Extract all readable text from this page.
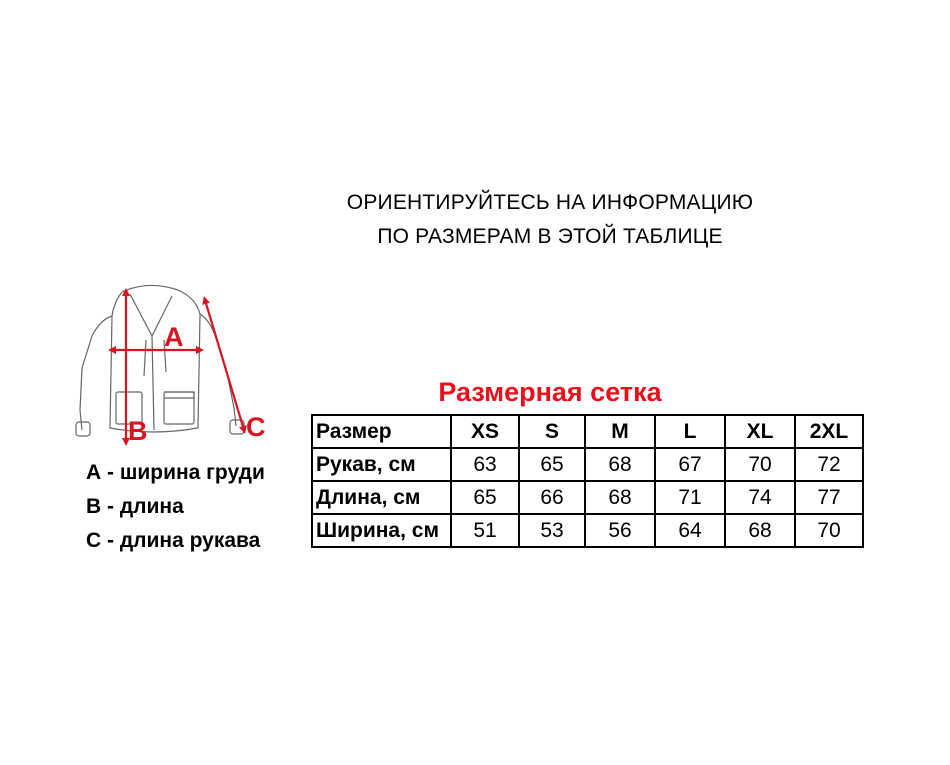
ОРИЕНТИРУЙТЕСЬ НА ИНФОРМАЦИЮ
ПО РАЗМЕРАМ В ЭТОЙ ТАБЛИЦЕ
A
B	C
А - ширина груди
В - длина
С - длина рукава
Размерная сетка
Размер	XS	S	M	L	XL	2XL
Рукав, см	63	65	68	67	70	72
Длина, см	65	66	68	71	74	77
Ширина, см	51	53	56	64	68	70
